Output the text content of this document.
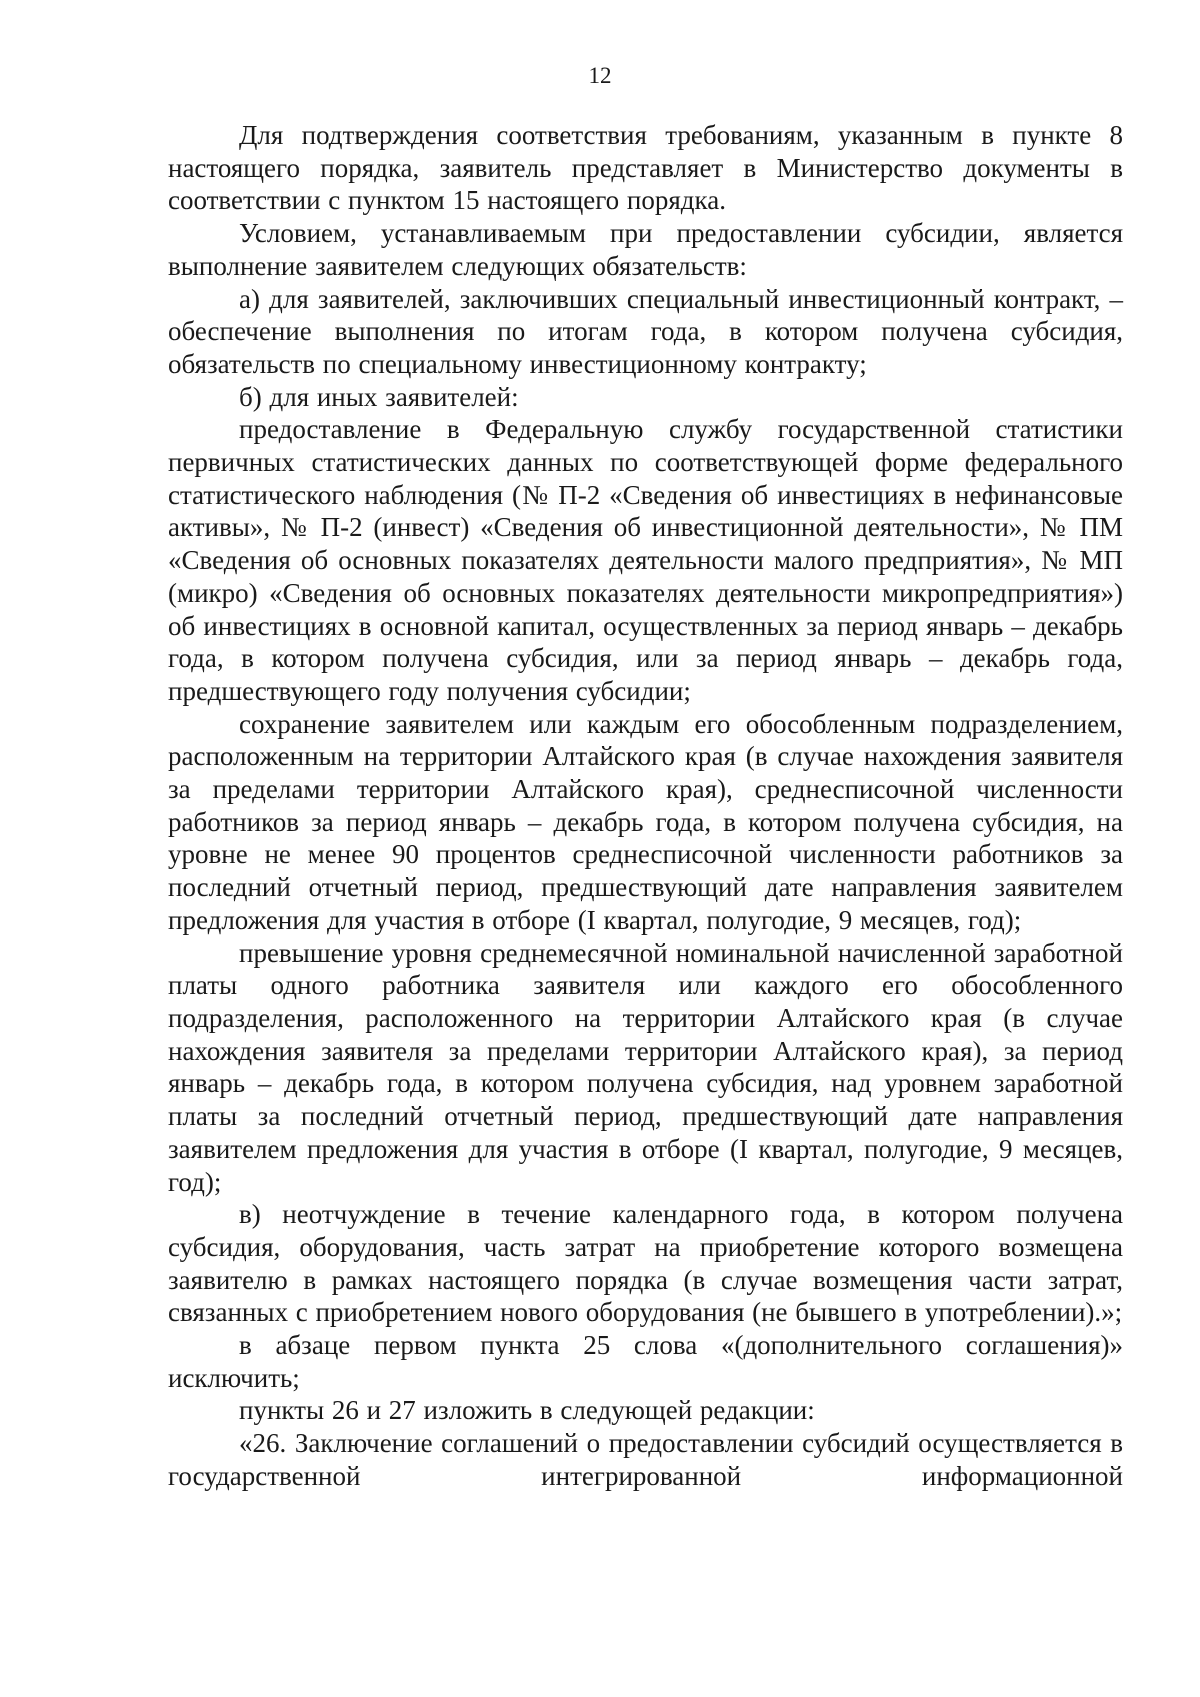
12

Для подтверждения соответствия требованиям, указанным в пункте 8 настоящего порядка, заявитель представляет в Министерство документы в соответствии с пунктом 15 настоящего порядка.

Условием, устанавливаемым при предоставлении субсидии, является выполнение заявителем следующих обязательств:

а) для заявителей, заключивших специальный инвестиционный контракт, – обеспечение выполнения по итогам года, в котором получена субсидия, обязательств по специальному инвестиционному контракту;

б) для иных заявителей:

предоставление в Федеральную службу государственной статистики первичных статистических данных по соответствующей форме федерального статистического наблюдения (№ П-2 «Сведения об инвестициях в нефинансовые активы», № П-2 (инвест) «Сведения об инвестиционной деятельности», № ПМ «Сведения об основных показателях деятельности малого предприятия», № МП (микро) «Сведения об основных показателях деятельности микропредприятия») об инвестициях в основной капитал, осуществленных за период январь – декабрь года, в котором получена субсидия, или за период январь – декабрь года, предшествующего году получения субсидии;

сохранение заявителем или каждым его обособленным подразделением, расположенным на территории Алтайского края (в случае нахождения заявителя за пределами территории Алтайского края), среднесписочной численности работников за период январь – декабрь года, в котором получена субсидия, на уровне не менее 90 процентов среднесписочной численности работников за последний отчетный период, предшествующий дате направления заявителем предложения для участия в отборе (I квартал, полугодие, 9 месяцев, год);

превышение уровня среднемесячной номинальной начисленной заработной платы одного работника заявителя или каждого его обособленного подразделения, расположенного на территории Алтайского края (в случае нахождения заявителя за пределами территории Алтайского края), за период январь – декабрь года, в котором получена субсидия, над уровнем заработной платы за последний отчетный период, предшествующий дате направления заявителем предложения для участия в отборе (I квартал, полугодие, 9 месяцев, год);

в) неотчуждение в течение календарного года, в котором получена субсидия, оборудования, часть затрат на приобретение которого возмещена заявителю в рамках настоящего порядка (в случае возмещения части затрат, связанных с приобретением нового оборудования (не бывшего в употреблении).»;

в абзаце первом пункта 25 слова «(дополнительного соглашения)» исключить;

пункты 26 и 27 изложить в следующей редакции:

«26. Заключение соглашений о предоставлении субсидий осуществляется в государственной интегрированной информационной
